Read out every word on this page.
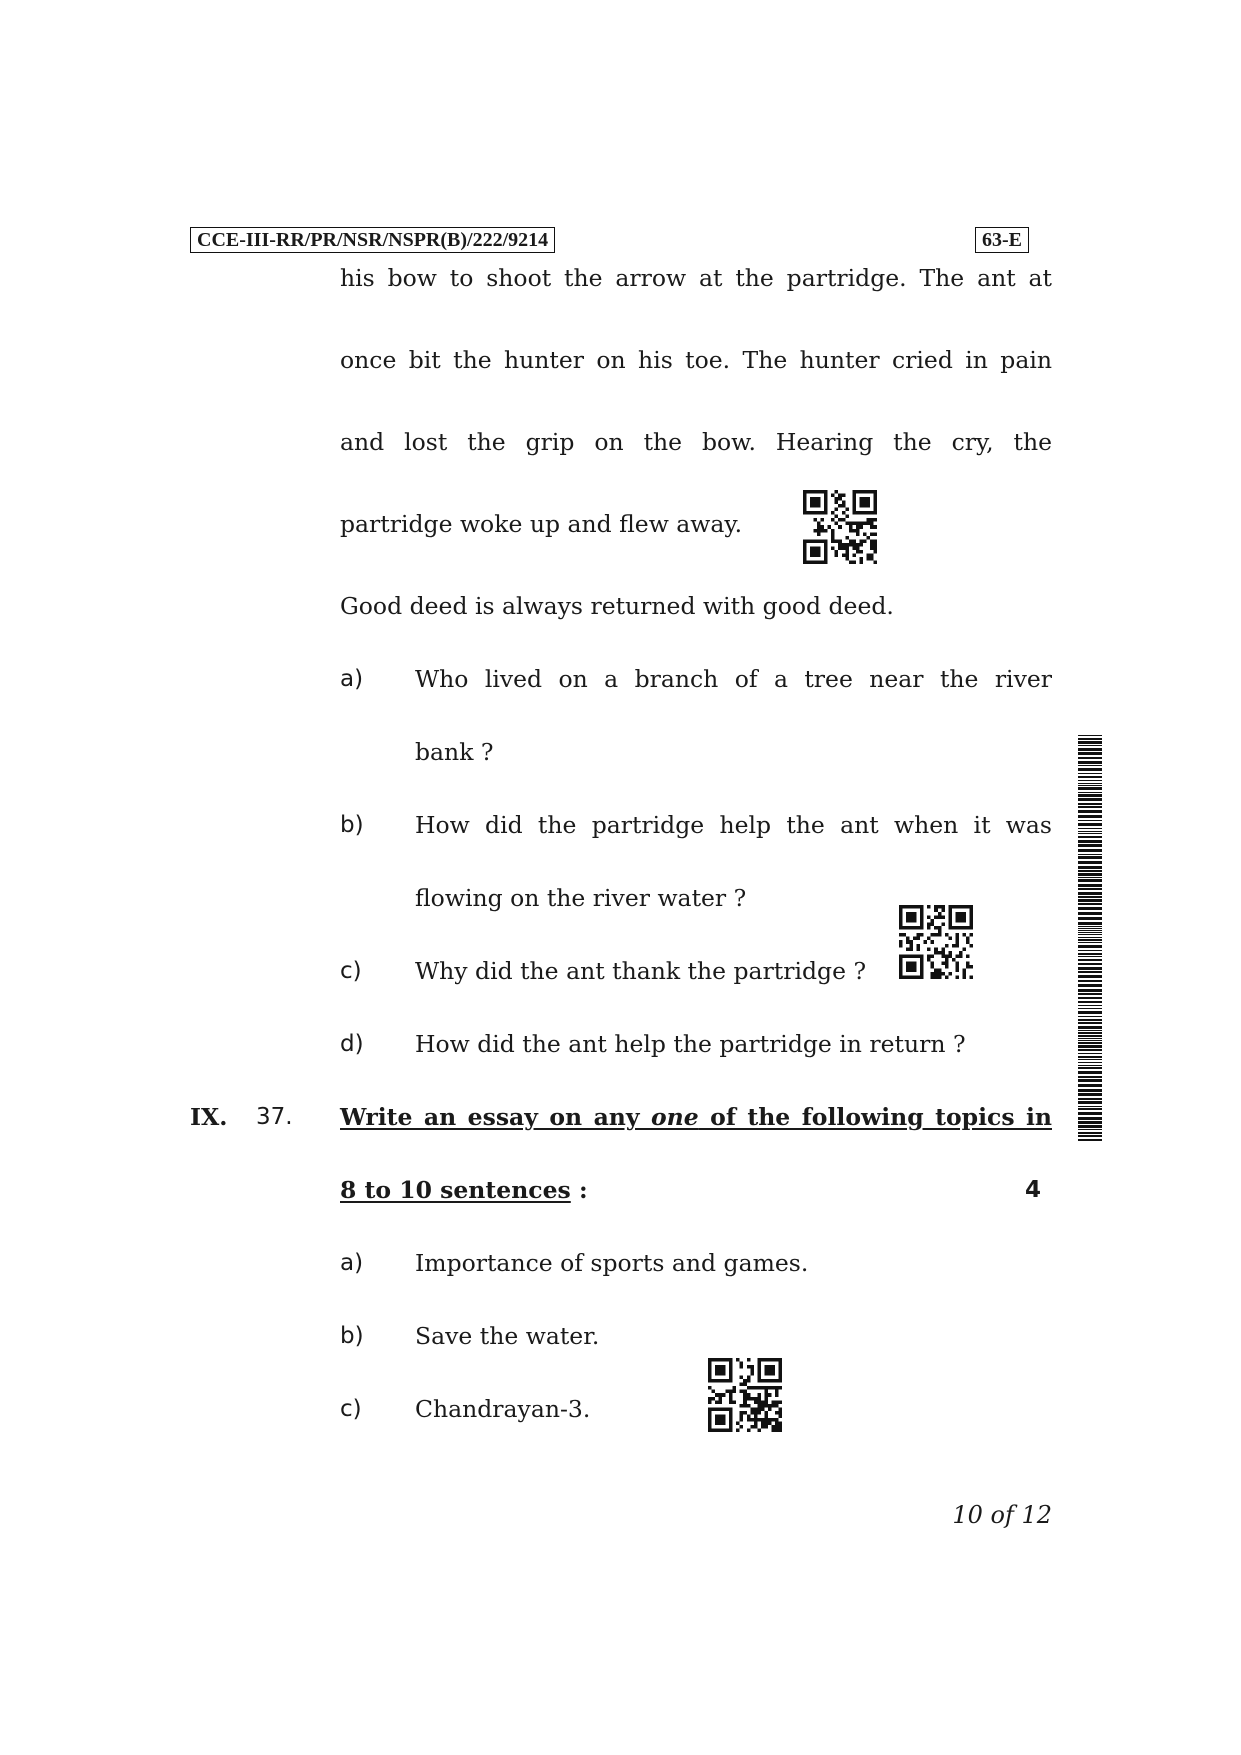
CCE-III-RR/PR/NSR/NSPR(B)/222/9214	63-E
his bow to shoot the arrow at the partridge. The ant at
once bit the hunter on his toe. The hunter cried in pain
and lost the grip on the bow. Hearing the cry, the
partridge woke up and flew away.
Good deed is always returned with good deed.
a) Who lived on a branch of a tree near the river
bank ?
b) How did the partridge help the ant when it was
flowing on the river water ?
c) Why did the ant thank the partridge ?
d) How did the ant help the partridge in return ?
IX. 37. Write an essay on any one of the following topics in
8 to 10 sentences :	4
a) Importance of sports and games.
b) Save the water.
c) Chandrayan-3.
10 of 12
